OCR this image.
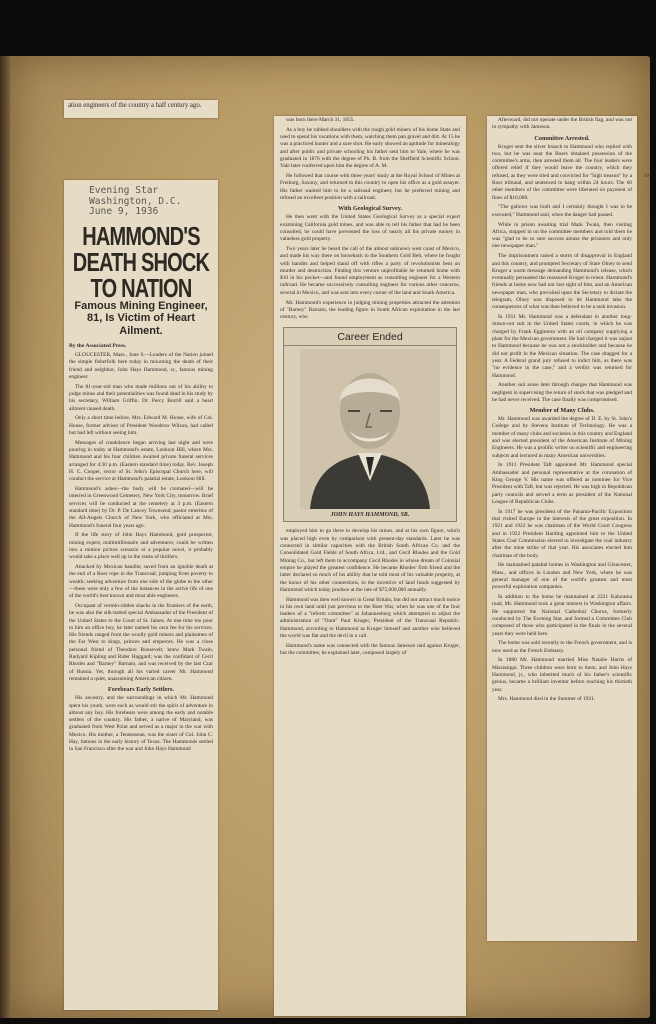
19
HammondCastle.org

ation engineers of the country a half century ago.

Evening Star
Washington, D.C.
June 9, 1936
HAMMOND'S DEATH SHOCK TO NATION
Famous Mining Engineer, 81, Is Victim of Heart Ailment.
By the Associated Press.

GLOUCESTER, Mass., June 9.—Leaders of the Nation joined the simple fisherfolk here today in mourning the death of their friend and neighbor, John Hays Hammond, sr., famous mining engineer.

The 81-year-old man who made millions out of his ability to judge mines and their potentialities was found dead in his study by his secretary, William Griffin. Dr. Percy Burrill said a heart ailment caused death.

Only a short time before, Mrs. Edward M. House, wife of Col. House, former adviser of President Woodrow Wilson, had called but had left without seeing him.

Messages of condolence began arriving last night and were pouring in today at Hammond's estate, Lookout Hill, where Mrs. Hammond and his four children awaited private funeral services arranged for 4:30 p.m. (Eastern standard time) today. Rev. Joseph H. C. Cooper, rector of St. John's Episcopal Church here, will conduct the service at Hammond's palatial estate, Lookout Hill.

Hammond's ashes—the body will be cremated—will be interred in Greenwood Cemetery, New York City, tomorrow. Brief services will be conducted at the cemetery at 3 p.m. (Eastern standard time) by Dr. P. De Lancey Townsend, pastor emeritus of the All-Angels Church of New York, who officiated at Mrs. Hammond's funeral four years ago.

If the life story of John Hays Hammond, gold prospector, mining expert, multimillionaire and adventurer, could be written into a motion picture scenario or a popular novel, it probably would take a place well up in the ranks of thrillers.

Attacked by Mexican bandits; saved from an ignoble death at the end of a Boer rope in the Transvaal; jumping from poverty to wealth; seeking adventure from one side of the globe to the other—these were only a few of the instances in the active life of one of the world's best known and most able engineers.

Occupant of vermin-ridden shacks in the frontiers of the earth, he was also the silk-hatted special Ambassador of the President of the United States to the Court of St. James. At one time too poor to hire an office boy, he later named his own fee for his services. His friends ranged from the woolly gold miners and plainsmen of the Far West to kings, princes and emperors. He was a close personal friend of Theodore Roosevelt; knew Mark Twain, Rudyard Kipling and Rider Haggard; was the confidant of Cecil Rhodes and "Barney" Barnato, and was received by the last Czar of Russia. Yet, through all his varied career Mr. Hammond remained a quiet, unassuming American citizen.

Forebears Early Settlers.

His ancestry, and the surroundings in which Mr. Hammond spent his youth, were such as would stir the spirit of adventure in almost any boy. His forebears were among the early and notable settlers of the country. His father, a native of Maryland, was graduated from West Point and served as a major in the war with Mexico. His mother, a Tennessean, was the sister of Col. John C. Hay, famous in the early history of Texas. The Hammonds settled in San Francisco after the war and John Hays Hammond

was born there March 31, 1855.

As a boy he rubbed shoulders with the rough gold miners of his home State and used to spend his vacations with them, watching them pan gravel and dirt. At 15 he was a practiced hunter and a sure shot. He early showed an aptitude for mineralogy and after public and private schooling his father sent him to Yale, where he was graduated in 1876 with the degree of Ph. B. from the Sheffield Scientific School. Yale later conferred upon him the degree of A. M.

He followed that course with three years' study at the Royal School of Mines at Freiburg, Saxony, and returned to this country to open his office as a gold assayer. His father wanted him to be a railroad engineer, but he preferred mining and refused an excellent position with a railroad.

With Geological Survey.

He then went with the United States Geological Survey as a special expert examining California gold mines, and was able to tell his father that had he been consulted, he could have prevented the loss of nearly all his private money in valueless gold property.

Two years later he heard the call of the almost unknown west coast of Mexico, and made his way there on horseback to the Southern Gold Belt, where he fought with bandits and helped stand off with rifles a party of revolutionists bent on murder and destruction. Finding this venture unprofitable he returned home with $10 in his pocket—and found employment as consulting engineer for a Western railroad. He became successively consulting engineer for various other concerns, several in Mexico, and was sent into every corner of the land and South America.

Mr. Hammond's experience in judging mining properties attracted the attention of "Barney" Barnato, the leading figure in South African exploitation in the last century, who

Career Ended
JOHN HAYS HAMMOND, SR.

employed him to go there to develop his mines, and at his own figure, which was placed high even by comparison with present-day standards. Later he was connected in similar capacities with the British South African Co. and the Consolidated Gold Fields of South Africa, Ltd., and Cecil Rhodes and the Gold Mining Co., but left them to accompany Cecil Rhodes in whose dream of Colonial empire he played the greatest confidence. He became Rhodes' firm friend and the latter declared so much of his ability that he told most of his valuable property, at the honor of his other connections, to the incentive of land funds suggested by Hammond which today produce at the rate of $75,000,000 annually.

Hammond was then well known in Great Britain, but did not attract much notice in his own land until just previous to the Boer War, when he was one of the four leaders of a "reform committee" at Johannesburg which attempted to adjust the administration of "Oom" Paul Kruger, President of the Transvaal Republic. Hammond, according to Hammond as Kruger himself and another who believed the world was flat and the devil in a call.

Hammond's name was connected with the famous Jameson raid against Kruger, but the committee, he explained later, composed largely of

Afterward, did not operate under the British flag, and was not in sympathy with Jameson.

Committee Arrested.

Kruger sent the silver branch to Hammond who replied with two, but he was near the Boers obtained possession of the committee's arms, then arrested them all. The four leaders were offered relief if they would leave the country, which they refused, as they were tried and convicted for "high treason" by a Boer tribunal, and sentenced to hang within 24 hours. The 60 other members of the committee were liberated on payment of fines of $10,000.

"The gallows was built and I certainly thought I was to be executed," Hammond said, when the danger had passed.

While in prison awaiting trial Mark Twain, then visiting Africa, stopped in on the committee members and told them he was "glad to be so sure success amuse the prisoners and only one newspaper man."

The imprisonment raised a storm of disapproval in England and this country, and prompted Secretary of State Olney to send Kruger a warm message demanding Hammond's release, which eventually persuaded the reassured Kruger to relent. Hammond's friends at home now had not lost sight of him, and an American newspaper man, who prevailed upon the Secretary to dictate the telegram, Olney was disposed to let Hammond take the consequences of what was then believed to be a rash invasion.

In 1911 Mr. Hammond was a defendant in another long-drawn-out suit in the United States courts, in which he was charged by Frank Eggleston with an oil company supplying a plant for the Mexican government. He had charged it was unjust to Hammond because he was not a stockholder and because he did not profit in the Mexican situation. The case dragged for a year. A Federal grand jury refused to indict him, as there was "no evidence in the case," and a verdict was returned for Hammond.

Another suit arose later through charges that Hammond was negligent in supervising the return of stock that was pledged and he had never received. The case finally was compromised.

Member of Many Clubs.

Mr. Hammond was awarded the degree of D. E. by St. John's College and by Stevens Institute of Technology. He was a member of many clubs and societies in this country and England and was elected president of the American Institute of Mining Engineers. He was a prolific writer on scientific and engineering subjects and lectured in many American universities.

In 1911 President Taft appointed Mr. Hammond special Ambassador and personal representative at the coronation of King George V. His name was offered as nominee for Vice President with Taft, but was rejected. He was high in Republican party councils and served a term as president of the National League of Republican Clubs.

In 1917 he was president of the Panama-Pacific Exposition that visited Europe in the interests of the great exposition. In 1921 and 1922 he was chairman of the World Court Congress and in 1922 President Harding appointed him to the United States Coal Commission elected to investigate the coal industry after the mine strike of that year. His associates elected him chairman of the body.

He maintained palatial homes in Washington and Gloucester, Mass., and offices in London and New York, where he was general manager of one of the world's greatest and most powerful exploration companies.

In addition to the home he maintained at 2221 Kalorama road, Mr. Hammond took a great interest in Washington affairs. He supported the National Cathedral Chorus, formerly conducted by The Evening Star, and formed a Committee Club composed of those who participated in the finals in the several years they were held here.

The home was sold recently to the French government, and is now used as the French Embassy.

In 1880 Mr. Hammond married Miss Natalie Harris of Mississippi. Three children were born to them, and John Hays Hammond, jr., who inherited much of his father's scientific genius, became a brilliant inventor before reaching his thirtieth year.

Mrs. Hammond died in the Summer of 1931.
